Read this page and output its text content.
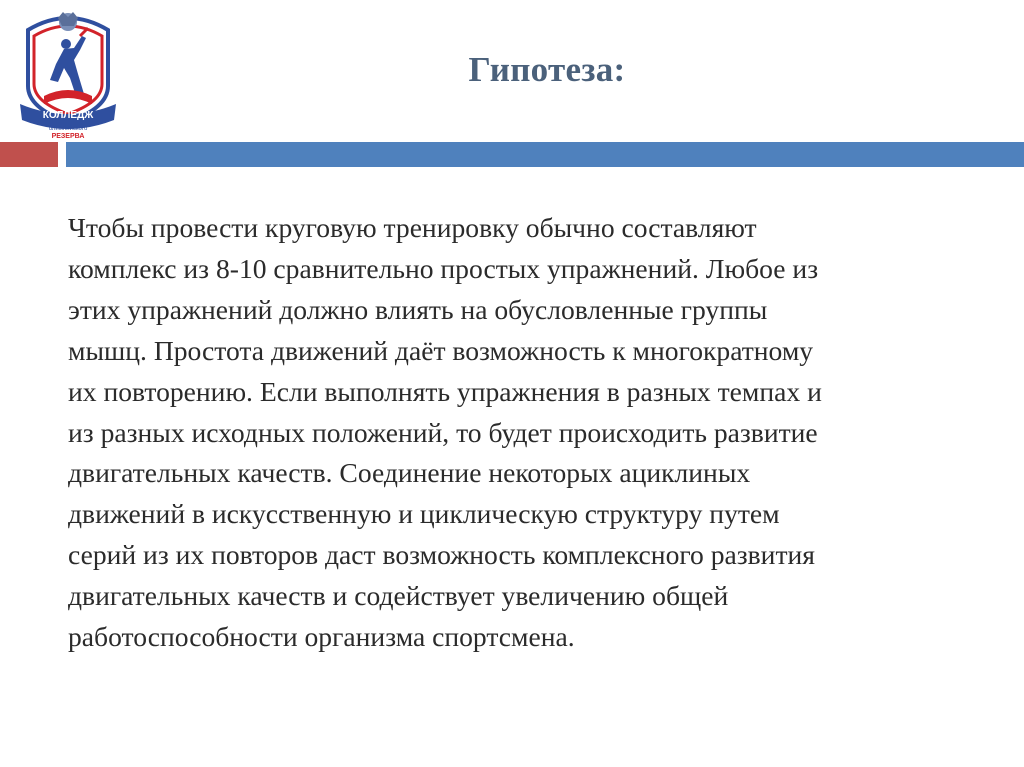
КОЛЛЕДЖ
олимпийского
РЕЗЕРВА
Гипотеза:

Чтобы провести круговую тренировку обычно составляют
комплекс из 8-10 сравнительно простых упражнений. Любое из
этих упражнений должно влиять на обусловленные группы
мышц. Простота движений даёт возможность к многократному
их повторению. Если выполнять упражнения в разных темпах и
из разных исходных положений, то будет происходить развитие
двигательных качеств. Соединение некоторых ациклиных
движений в искусственную и циклическую структуру путем
серий из их повторов даст возможность комплексного развития
двигательных качеств и содействует увеличению общей
работоспособности организма спортсмена.
